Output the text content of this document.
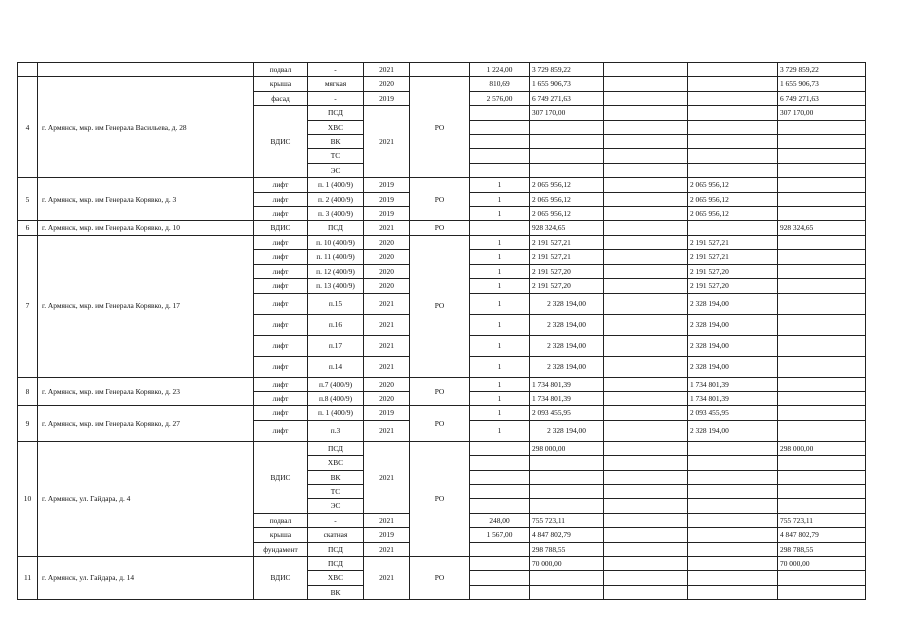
		подвал	-	2021		1 224,00	3 729 859,22			3 729 859,22
4	г. Армянск, мкр. им Генерала Васильева, д. 28	крыша	мягкая	2020	РО	810,69	1 655 906,73			1 655 906,73
		фасад	-	2019		2 576,00	6 749 271,63			6 749 271,63
		ВДИС	ПСД	2021			307 170,00			307 170,00
			ХВС							
			ВК							
			ТС							
			ЭС							
5	г. Армянск, мкр. им Генерала Корявко, д. 3	лифт	п. 1 (400/9)	2019	РО	1	2 065 956,12		2 065 956,12	
		лифт	п. 2 (400/9)	2019		1	2 065 956,12		2 065 956,12	
		лифт	п. 3 (400/9)	2019		1	2 065 956,12		2 065 956,12	
6	г. Армянск, мкр. им Генерала Корявко, д. 10	ВДИС	ПСД	2021	РО		928 324,65			928 324,65
7	г. Армянск, мкр. им Генерала Корявко, д. 17	лифт	п. 10 (400/9)	2020	РО	1	2 191 527,21		2 191 527,21	
		лифт	п. 11 (400/9)	2020		1	2 191 527,21		2 191 527,21	
		лифт	п. 12 (400/9)	2020		1	2 191 527,20		2 191 527,20	
		лифт	п. 13 (400/9)	2020		1	2 191 527,20		2 191 527,20	
		лифт	п.15	2021		1	2 328 194,00		2 328 194,00	
		лифт	п.16	2021		1	2 328 194,00		2 328 194,00	
		лифт	п.17	2021		1	2 328 194,00		2 328 194,00	
		лифт	п.14	2021		1	2 328 194,00		2 328 194,00	
8	г. Армянск, мкр. им Генерала Корявко, д. 23	лифт	п.7 (400/9)	2020	РО	1	1 734 801,39		1 734 801,39	
		лифт	п.8 (400/9)	2020		1	1 734 801,39		1 734 801,39	
9	г. Армянск, мкр. им Генерала Корявко, д. 27	лифт	п. 1 (400/9)	2019	РО	1	2 093 455,95		2 093 455,95	
		лифт	п.3	2021		1	2 328 194,00		2 328 194,00	
10	г. Армянск, ул. Гайдара, д. 4	ВДИС	ПСД	2021	РО		298 000,00			298 000,00
			ХВС							
			ВК							
			ТС							
			ЭС							
		подвал	-	2021		248,00	755 723,11			755 723,11
		крыша	скатная	2019		1 567,00	4 847 802,79			4 847 802,79
		фундамент	ПСД	2021			298 788,55			298 788,55
11	г. Армянск, ул. Гайдара, д. 14	ВДИС	ПСД	2021	РО		70 000,00			70 000,00
			ХВС							
			ВК							
